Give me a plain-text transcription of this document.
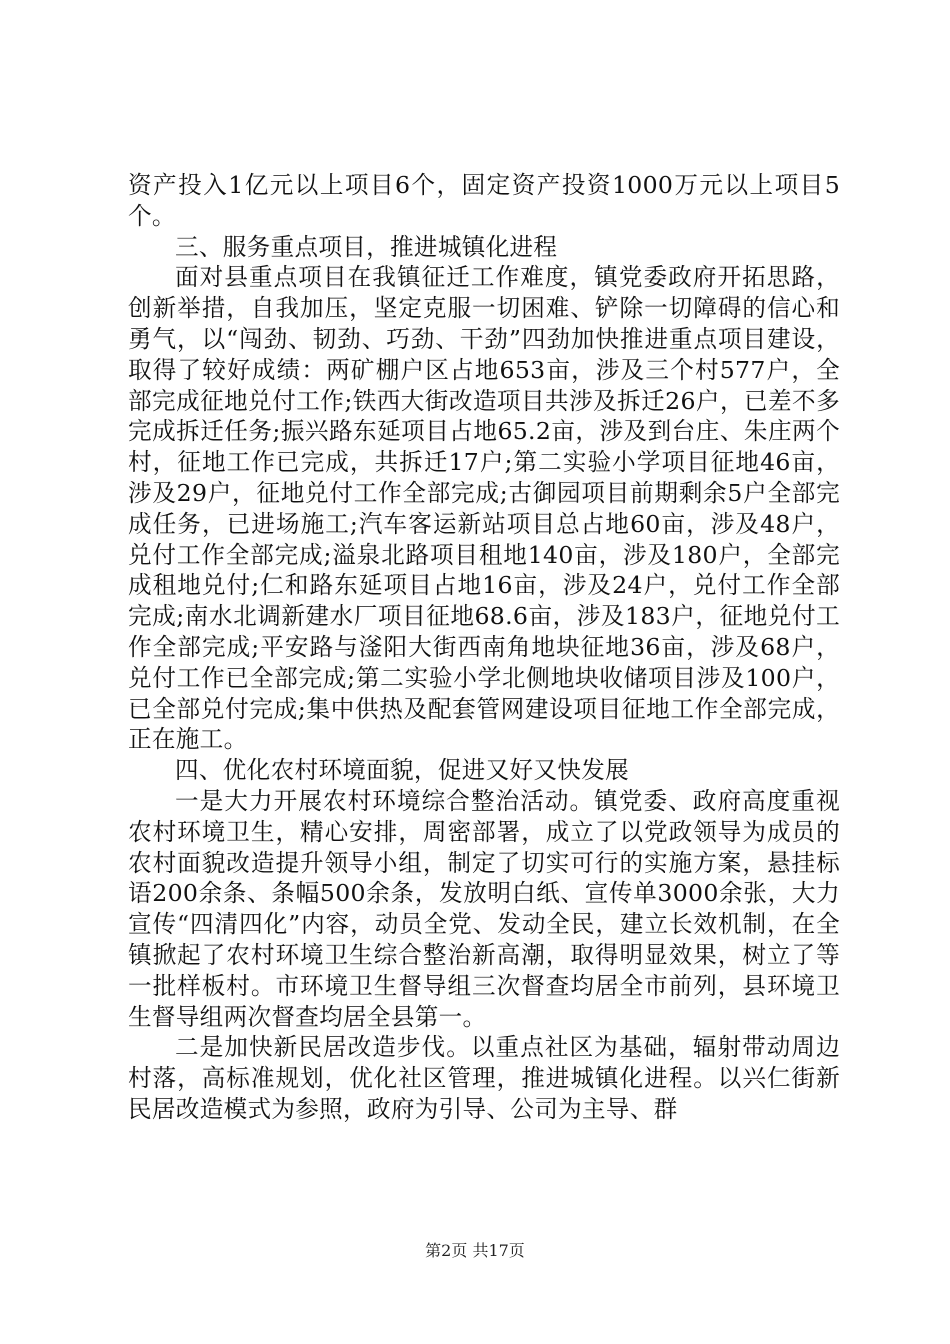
资产投入1亿元以上项目6个，固定资产投资1000万元以上项目5个。

三、服务重点项目，推进城镇化进程

面对县重点项目在我镇征迁工作难度，镇党委政府开拓思路，创新举措，自我加压，坚定克服一切困难、铲除一切障碍的信心和勇气，以“闯劲、韧劲、巧劲、干劲”四劲加快推进重点项目建设，取得了较好成绩：两矿棚户区占地653亩，涉及三个村577户，全部完成征地兑付工作;铁西大街改造项目共涉及拆迁26户，已差不多完成拆迁任务;振兴路东延项目占地65.2亩，涉及到台庄、朱庄两个村，征地工作已完成，共拆迁17户;第二实验小学项目征地46亩，涉及29户，征地兑付工作全部完成;古御园项目前期剩余5户全部完成任务，已进场施工;汽车客运新站项目总占地60亩，涉及48户，兑付工作全部完成;溢泉北路项目租地140亩，涉及180户，全部完成租地兑付;仁和路东延项目占地16亩，涉及24户，兑付工作全部完成;南水北调新建水厂项目征地68.6亩，涉及183户，征地兑付工作全部完成;平安路与滏阳大街西南角地块征地36亩，涉及68户，兑付工作已全部完成;第二实验小学北侧地块收储项目涉及100户，已全部兑付完成;集中供热及配套管网建设项目征地工作全部完成，正在施工。

四、优化农村环境面貌，促进又好又快发展

一是大力开展农村环境综合整治活动。镇党委、政府高度重视农村环境卫生，精心安排，周密部署，成立了以党政领导为成员的农村面貌改造提升领导小组，制定了切实可行的实施方案，悬挂标语200余条、条幅500余条，发放明白纸、宣传单3000余张，大力宣传“四清四化”内容，动员全党、发动全民，建立长效机制，在全镇掀起了农村环境卫生综合整治新高潮，取得明显效果，树立了等一批样板村。市环境卫生督导组三次督查均居全市前列，县环境卫生督导组两次督查均居全县第一。

二是加快新民居改造步伐。以重点社区为基础，辐射带动周边村落，高标准规划，优化社区管理，推进城镇化进程。以兴仁街新民居改造模式为参照，政府为引导、公司为主导、群

第2页 共17页
